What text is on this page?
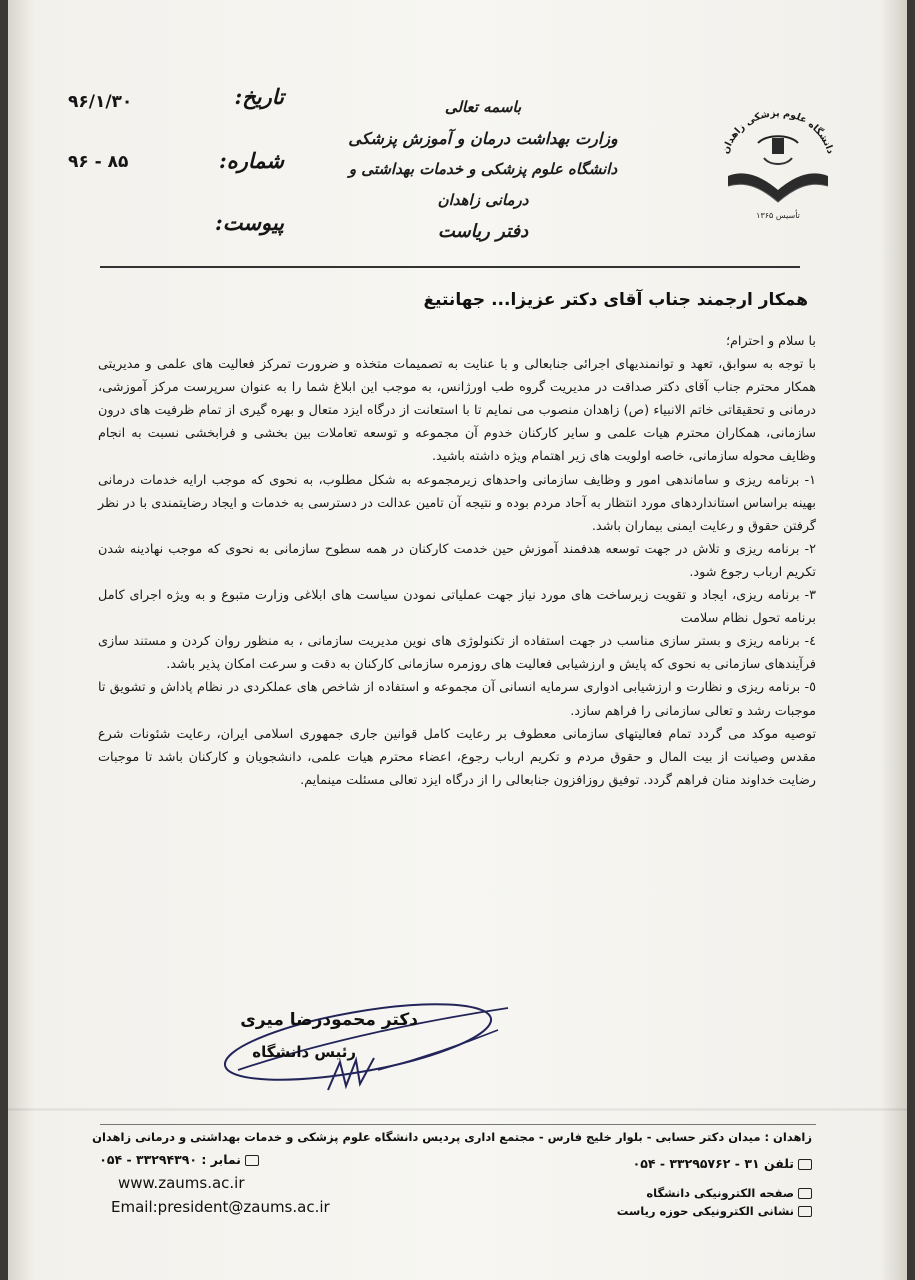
دانشگاه علوم پزشکی زاهدان
تأسیس ۱۳۶۵
باسمه تعالی
وزارت بهداشت درمان و آموزش پزشکی
دانشگاه علوم پزشکی و خدمات بهداشتی و درمانی زاهدان
دفتر ریاست
تاریخ:
۹۶/۱/۳۰
شماره:
۸۵ - ۹۶
پیوست:
همکار ارجمند جناب آقای دکتر عزیزا... جهانتیغ

با سلام و احترام؛

با توجه به سوابق، تعهد و توانمندیهای اجرائی جنابعالی و با عنایت به تصمیمات متخذه و ضرورت تمرکز فعالیت های علمی و مدیریتی همکار محترم جناب آقای دکتر صداقت در مدیریت گروه طب اورژانس، به موجب این ابلاغ شما را به عنوان سرپرست مرکز آموزشی، درمانی و تحقیقاتی خاتم الانبیاء (ص) زاهدان منصوب می نمایم تا با استعانت از درگاه ایزد متعال و بهره گیری از تمام ظرفیت های درون سازمانی، همکاران محترم هیات علمی و سایر کارکنان خدوم آن مجموعه و توسعه تعاملات بین بخشی و فرابخشی نسبت به انجام وظایف محوله سازمانی، خاصه اولویت های زیر اهتمام ویژه داشته باشید.

۱- برنامه ریزی و ساماندهی امور و وظایف سازمانی واحدهای زیرمجموعه به شکل مطلوب، به نحوی که موجب ارایه خدمات درمانی بهینه براساس استانداردهای مورد انتظار به آحاد مردم بوده و نتیجه آن تامین عدالت در دسترسی به خدمات و ایجاد رضایتمندی با در نظر گرفتن حقوق و رعایت ایمنی بیماران باشد.

۲- برنامه ریزی و تلاش در جهت توسعه هدفمند آموزش حین خدمت کارکنان در همه سطوح سازمانی به نحوی که موجب نهادینه شدن تکریم ارباب رجوع شود.

۳- برنامه ریزی، ایجاد و تقویت زیرساخت های مورد نیاز جهت عملیاتی نمودن سیاست های ابلاغی وزارت متبوع و به ویژه اجرای کامل برنامه تحول نظام سلامت

٤- برنامه ریزی و بستر سازی مناسب در جهت استفاده از تکنولوژی های نوین مدیریت سازمانی ، به منظور روان کردن و مستند سازی فرآیندهای سازمانی به نحوی که پایش و ارزشیابی فعالیت های روزمره سازمانی کارکنان به دقت و سرعت امکان پذیر باشد.

٥- برنامه ریزی و نظارت و ارزشیابی ادواری سرمایه انسانی آن مجموعه و استفاده از شاخص های عملکردی در نظام پاداش و تشویق تا موجبات رشد و تعالی سازمانی را فراهم سازد.

توصیه موکد می گردد تمام فعالیتهای سازمانی معطوف بر رعایت کامل قوانین جاری جمهوری اسلامی ایران، رعایت شئونات شرع مقدس وصیانت از بیت المال و حقوق مردم و تکریم ارباب رجوع، اعضاء محترم هیات علمی، دانشجویان و کارکنان باشد تا موجبات رضایت خداوند منان فراهم گردد. توفیق روزافزون جنابعالی را از درگاه ایزد تعالی مسئلت مینمایم.

دکتر محمودرضا میری
رئیس دانشگاه
زاهدان : میدان دکتر حسابی - بلوار خلیج فارس - مجتمع اداری پردیس دانشگاه علوم پزشکی و خدمات بهداشتی و درمانی زاهدان
تلفن ۳۱ - ۳۳۲۹۵۷۶۲ - ۰۵۴
نمابر : ۳۳۲۹۴۳۹۰ - ۰۵۴
صفحه الکترونیکی دانشگاه
نشانی الکترونیکی حوزه ریاست
www.zaums.ac.ir
Email:president@zaums.ac.ir
